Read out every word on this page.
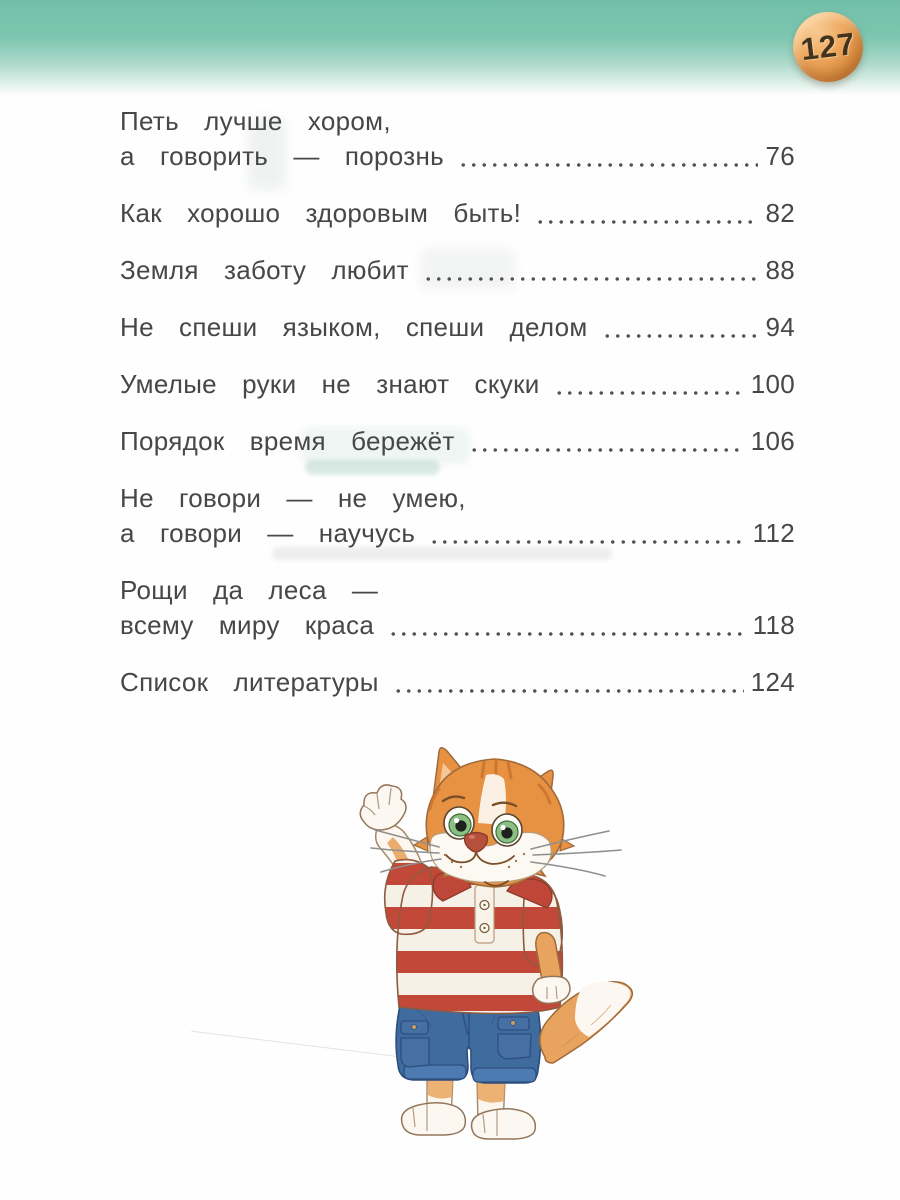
127
Петь лучше хором,
а говорить — порознь	76
Как хорошо здоровым быть!	82
Земля заботу любит	88
Не спеши языком, спеши делом	94
Умелые руки не знают скуки	100
Порядок время бережёт	106
Не говори — не умею,
а говори — научусь	112
Рощи да леса —
всему миру краса	118
Список литературы	124
